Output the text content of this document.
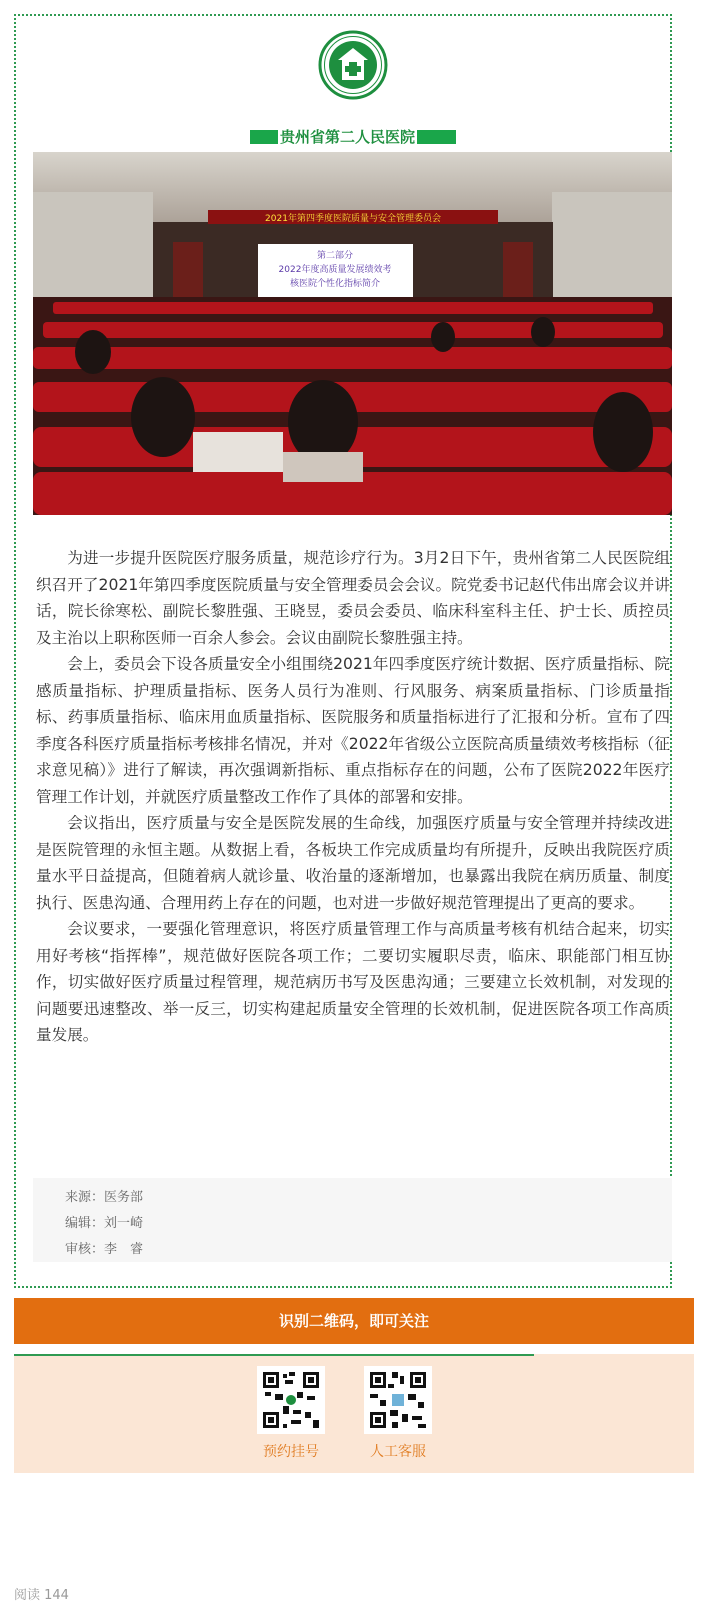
贵州省第二人民医院
2021年第四季度医院质量与安全管理委员会
第二部分
2022年度高质量发展绩效考
核医院个性化指标简介

为进一步提升医院医疗服务质量，规范诊疗行为。3月2日下午，贵州省第二人民医院组织召开了2021年第四季度医院质量与安全管理委员会会议。院党委书记赵代伟出席会议并讲话，院长徐寒松、副院长黎胜强、王晓昱，委员会委员、临床科室科主任、护士长、质控员及主治以上职称医师一百余人参会。会议由副院长黎胜强主持。

会上，委员会下设各质量安全小组围绕2021年四季度医疗统计数据、医疗质量指标、院感质量指标、护理质量指标、医务人员行为准则、行风服务、病案质量指标、门诊质量指标、药事质量指标、临床用血质量指标、医院服务和质量指标进行了汇报和分析。宣布了四季度各科医疗质量指标考核排名情况，并对《2022年省级公立医院高质量绩效考核指标（征求意见稿）》进行了解读，再次强调新指标、重点指标存在的问题，公布了医院2022年医疗管理工作计划，并就医疗质量整改工作作了具体的部署和安排。

会议指出，医疗质量与安全是医院发展的生命线，加强医疗质量与安全管理并持续改进是医院管理的永恒主题。从数据上看，各板块工作完成质量均有所提升，反映出我院医疗质量水平日益提高，但随着病人就诊量、收治量的逐渐增加，也暴露出我院在病历质量、制度执行、医患沟通、合理用药上存在的问题，也对进一步做好规范管理提出了更高的要求。

会议要求，一要强化管理意识，将医疗质量管理工作与高质量考核有机结合起来，切实用好考核“指挥棒”，规范做好医院各项工作；二要切实履职尽责，临床、职能部门相互协作，切实做好医疗质量过程管理，规范病历书写及医患沟通；三要建立长效机制，对发现的问题要迅速整改、举一反三，切实构建起质量安全管理的长效机制，促进医院各项工作高质量发展。

来源：医务部
编辑：刘一崎
审核：李　睿
识别二维码，即可关注
预约挂号	人工客服
阅读 144
